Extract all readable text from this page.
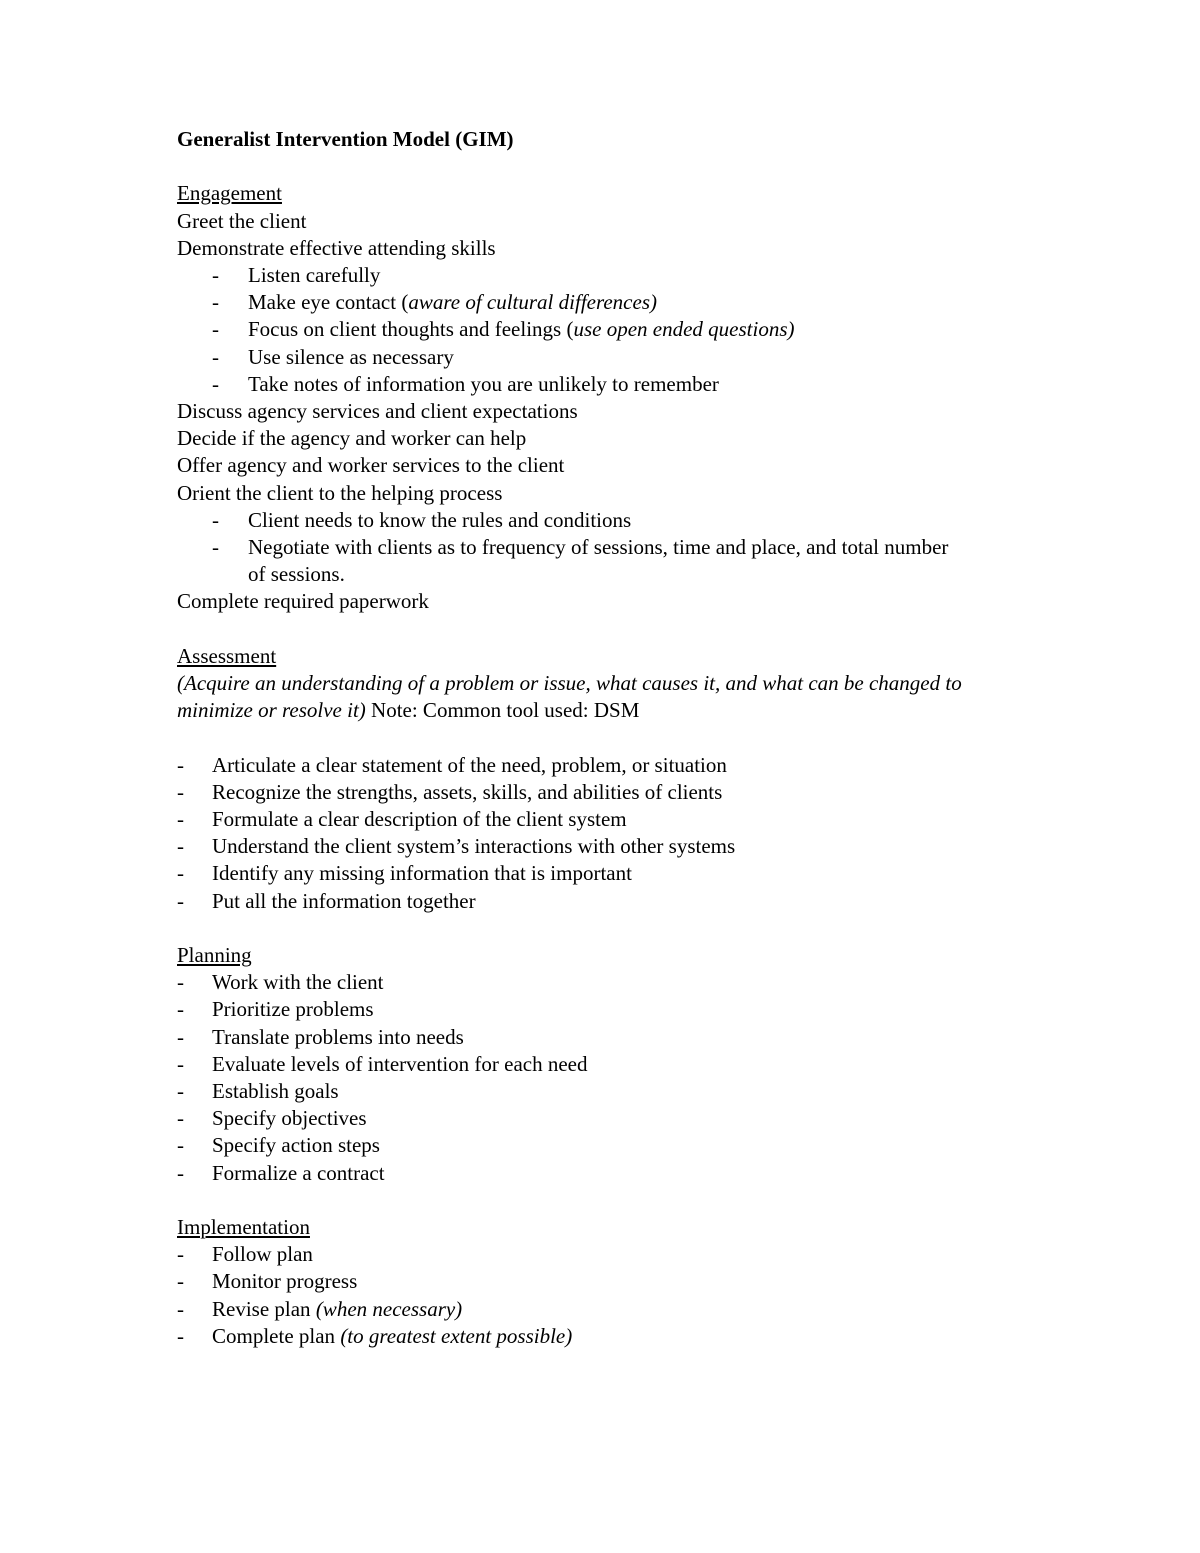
Generalist Intervention Model (GIM)
Engagement
Greet the client
Demonstrate effective attending skills
- Listen carefully
- Make eye contact (aware of cultural differences)
- Focus on client thoughts and feelings (use open ended questions)
- Use silence as necessary
- Take notes of information you are unlikely to remember
Discuss agency services and client expectations
Decide if the agency and worker can help
Offer agency and worker services to the client
Orient the client to the helping process
- Client needs to know the rules and conditions
- Negotiate with clients as to frequency of sessions, time and place, and total number of sessions.
Complete required paperwork
Assessment
(Acquire an understanding of a problem or issue, what causes it, and what can be changed to minimize or resolve it) Note: Common tool used: DSM
- Articulate a clear statement of the need, problem, or situation
- Recognize the strengths, assets, skills, and abilities of clients
- Formulate a clear description of the client system
- Understand the client system’s interactions with other systems
- Identify any missing information that is important
- Put all the information together
Planning
- Work with the client
- Prioritize problems
- Translate problems into needs
- Evaluate levels of intervention for each need
- Establish goals
- Specify objectives
- Specify action steps
- Formalize a contract
Implementation
- Follow plan
- Monitor progress
- Revise plan (when necessary)
- Complete plan (to greatest extent possible)
